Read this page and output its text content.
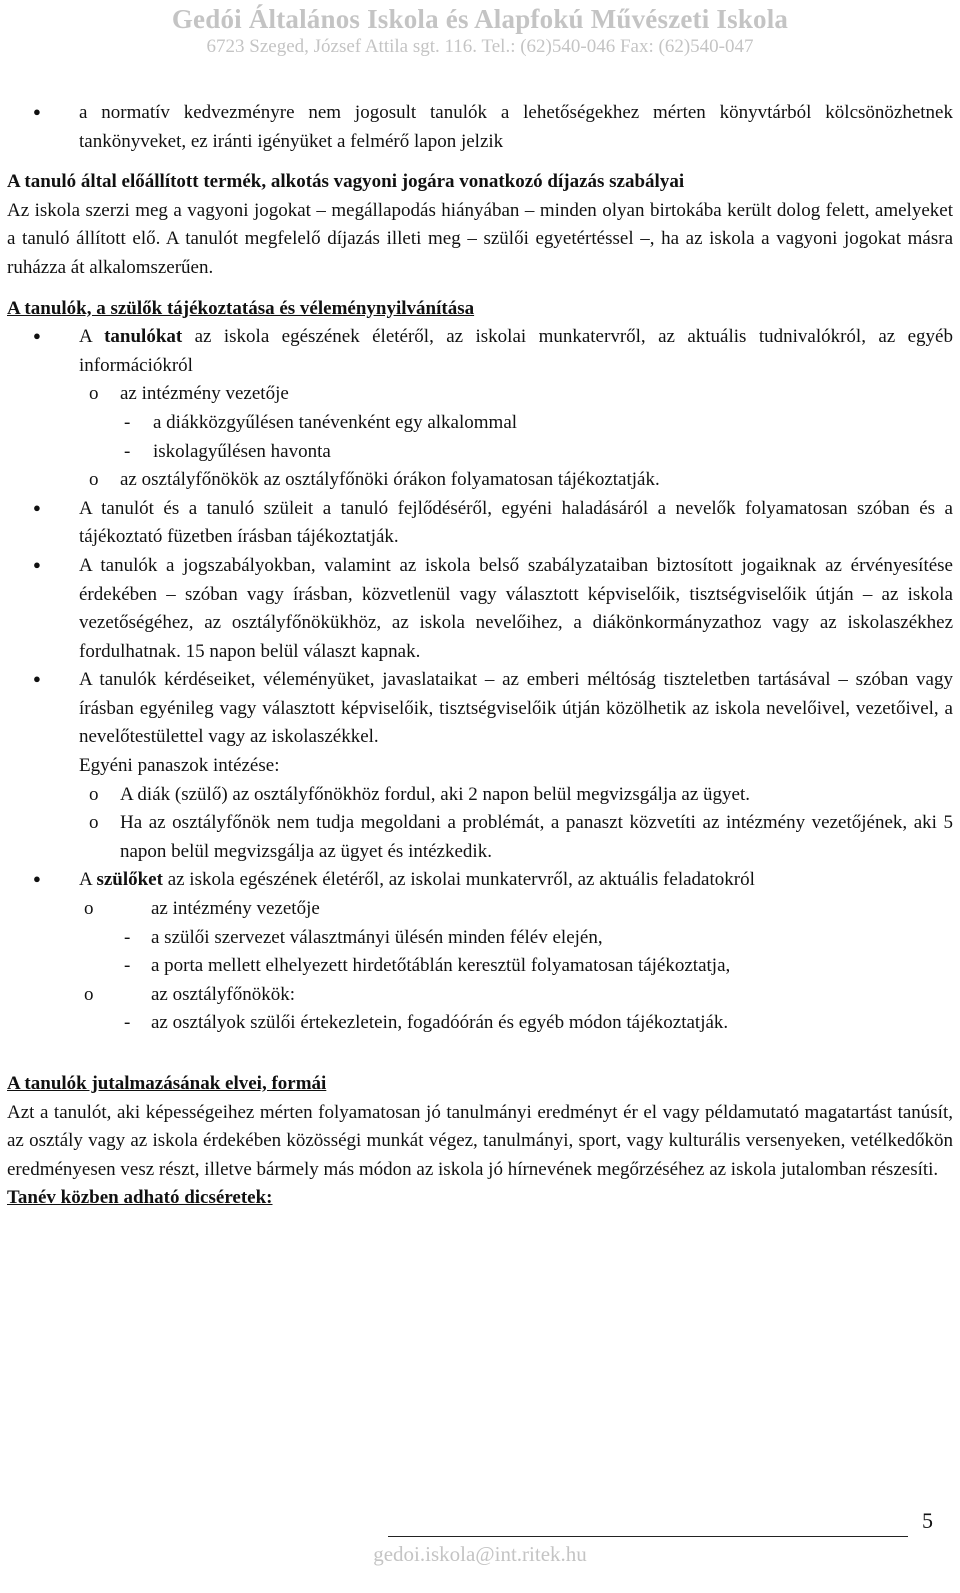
Gedói Általános Iskola és Alapfokú Művészeti Iskola
6723 Szeged, József Attila sgt. 116. Tel.: (62)540-046 Fax: (62)540-047
● a normatív kedvezményre nem jogosult tanulók a lehetőségekhez mérten könyvtárból kölcsönözhetnek tankönyveket, ez iránti igényüket a felmérő lapon jelzik
A tanuló által előállított termék, alkotás vagyoni jogára vonatkozó díjazás szabályai
Az iskola szerzi meg a vagyoni jogokat – megállapodás hiányában – minden olyan birtokába került dolog felett, amelyeket a tanuló állított elő. A tanulót megfelelő díjazás illeti meg – szülői egyetértéssel –, ha az iskola a vagyoni jogokat másra ruházza át alkalomszerűen.
A tanulók, a szülők tájékoztatása és véleménynyilvánítása
● A tanulókat az iskola egészének életéről, az iskolai munkatervről, az aktuális tudnivalókról, az egyéb információkról
o az intézmény vezetője
- a diákközgyűlésen tanévenként egy alkalommal
- iskolagyűlésen havonta
o az osztályfőnökök az osztályfőnöki órákon folyamatosan tájékoztatják.
● A tanulót és a tanuló szüleit a tanuló fejlődéséről, egyéni haladásáról a nevelők folyamatosan szóban és a tájékoztató füzetben írásban tájékoztatják.
● A tanulók a jogszabályokban, valamint az iskola belső szabályzataiban biztosított jogaiknak az érvényesítése érdekében – szóban vagy írásban, közvetlenül vagy választott képviselőik, tisztségviselőik útján – az iskola vezetőségéhez, az osztályfőnökükhöz, az iskola nevelőihez, a diákönkormányzathoz vagy az iskolaszékhez fordulhatnak. 15 napon belül választ kapnak.
● A tanulók kérdéseiket, véleményüket, javaslataikat – az emberi méltóság tiszteletben tartásával – szóban vagy írásban egyénileg vagy választott képviselőik, tisztségviselőik útján közölhetik az iskola nevelőivel, vezetőivel, a nevelőtestülettel vagy az iskolaszékkel.
Egyéni panaszok intézése:
o A diák (szülő) az osztályfőnökhöz fordul, aki 2 napon belül megvizsgálja az ügyet.
o Ha az osztályfőnök nem tudja megoldani a problémát, a panaszt közvetíti az intézmény vezetőjének, aki 5 napon belül megvizsgálja az ügyet és intézkedik.
● A szülőket az iskola egészének életéről, az iskolai munkatervről, az aktuális feladatokról
o	az intézmény vezetője
- a szülői szervezet választmányi ülésén minden félév elején,
- a porta mellett elhelyezett hirdetőtáblán keresztül folyamatosan tájékoztatja,
o	az osztályfőnökök:
- az osztályok szülői értekezletein, fogadóórán és egyéb módon tájékoztatják.
A tanulók jutalmazásának elvei, formái
Azt a tanulót, aki képességeihez mérten folyamatosan jó tanulmányi eredményt ér el vagy példamutató magatartást tanúsít, az osztály vagy az iskola érdekében közösségi munkát végez, tanulmányi, sport, vagy kulturális versenyeken, vetélkedőkön eredményesen vesz részt, illetve bármely más módon az iskola jó hírnevének megőrzéséhez az iskola jutalomban részesíti.
Tanév közben adható dicséretek:
5
gedoi.iskola@int.ritek.hu
